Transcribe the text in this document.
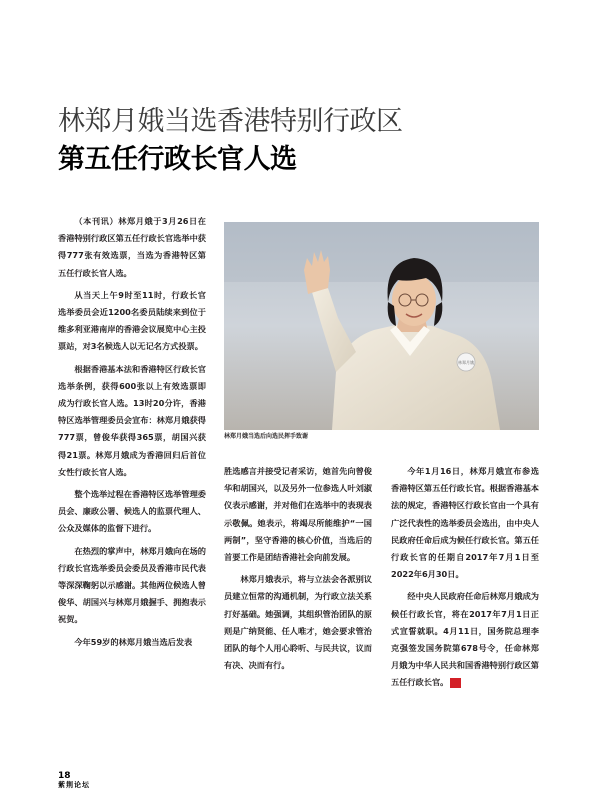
林郑月娥当选香港特别行政区
第五任行政长官人选

（本刊讯）林郑月娥于3月26日在香港特别行政区第五任行政长官选举中获得777张有效选票，当选为香港特区第五任行政长官人选。

从当天上午9时至11时，行政长官选举委员会近1200名委员陆续来到位于维多利亚港南岸的香港会议展览中心主投票站，对3名候选人以无记名方式投票。

根据香港基本法和香港特区行政长官选举条例，获得600张以上有效选票即成为行政长官人选。13时20分许，香港特区选举管理委员会宣布：林郑月娥获得777票，曾俊华获得365票，胡国兴获得21票。林郑月娥成为香港回归后首位女性行政长官人选。

整个选举过程在香港特区选举管理委员会、廉政公署、候选人的监票代理人、公众及媒体的监督下进行。

在热烈的掌声中，林郑月娥向在场的行政长官选举委员会委员及香港市民代表等深深鞠躬以示感谢。其他两位候选人曾俊华、胡国兴与林郑月娥握手、拥抱表示祝贺。

今年59岁的林郑月娥当选后发表

林郑月娥
林郑月娥当选后向选民挥手致谢

胜选感言并接受记者采访，她首先向曾俊华和胡国兴，以及另外一位参选人叶刘淑仪表示感谢，并对他们在选举中的表现表示敬佩。她表示，将竭尽所能维护“一国两制”，坚守香港的核心价值，当选后的首要工作是团结香港社会向前发展。

林郑月娥表示，将与立法会各派别议员建立恒常的沟通机制，为行政立法关系打好基础。她强调，其组织管治团队的原则是广纳贤能、任人唯才，她会要求管治团队的每个人用心聆听、与民共议，议而有决、决而有行。

今年1月16日，林郑月娥宣布参选香港特区第五任行政长官。根据香港基本法的规定，香港特区行政长官由一个具有广泛代表性的选举委员会选出，由中央人民政府任命后成为候任行政长官。第五任行政长官的任期自2017年7月1日至2022年6月30日。

经中央人民政府任命后林郑月娥成为候任行政长官，将在2017年7月1日正式宣誓就职。4月11日，国务院总理李克强签发国务院第678号令，任命林郑月娥为中华人民共和国香港特别行政区第五任行政长官。 N

18
紫荆论坛
